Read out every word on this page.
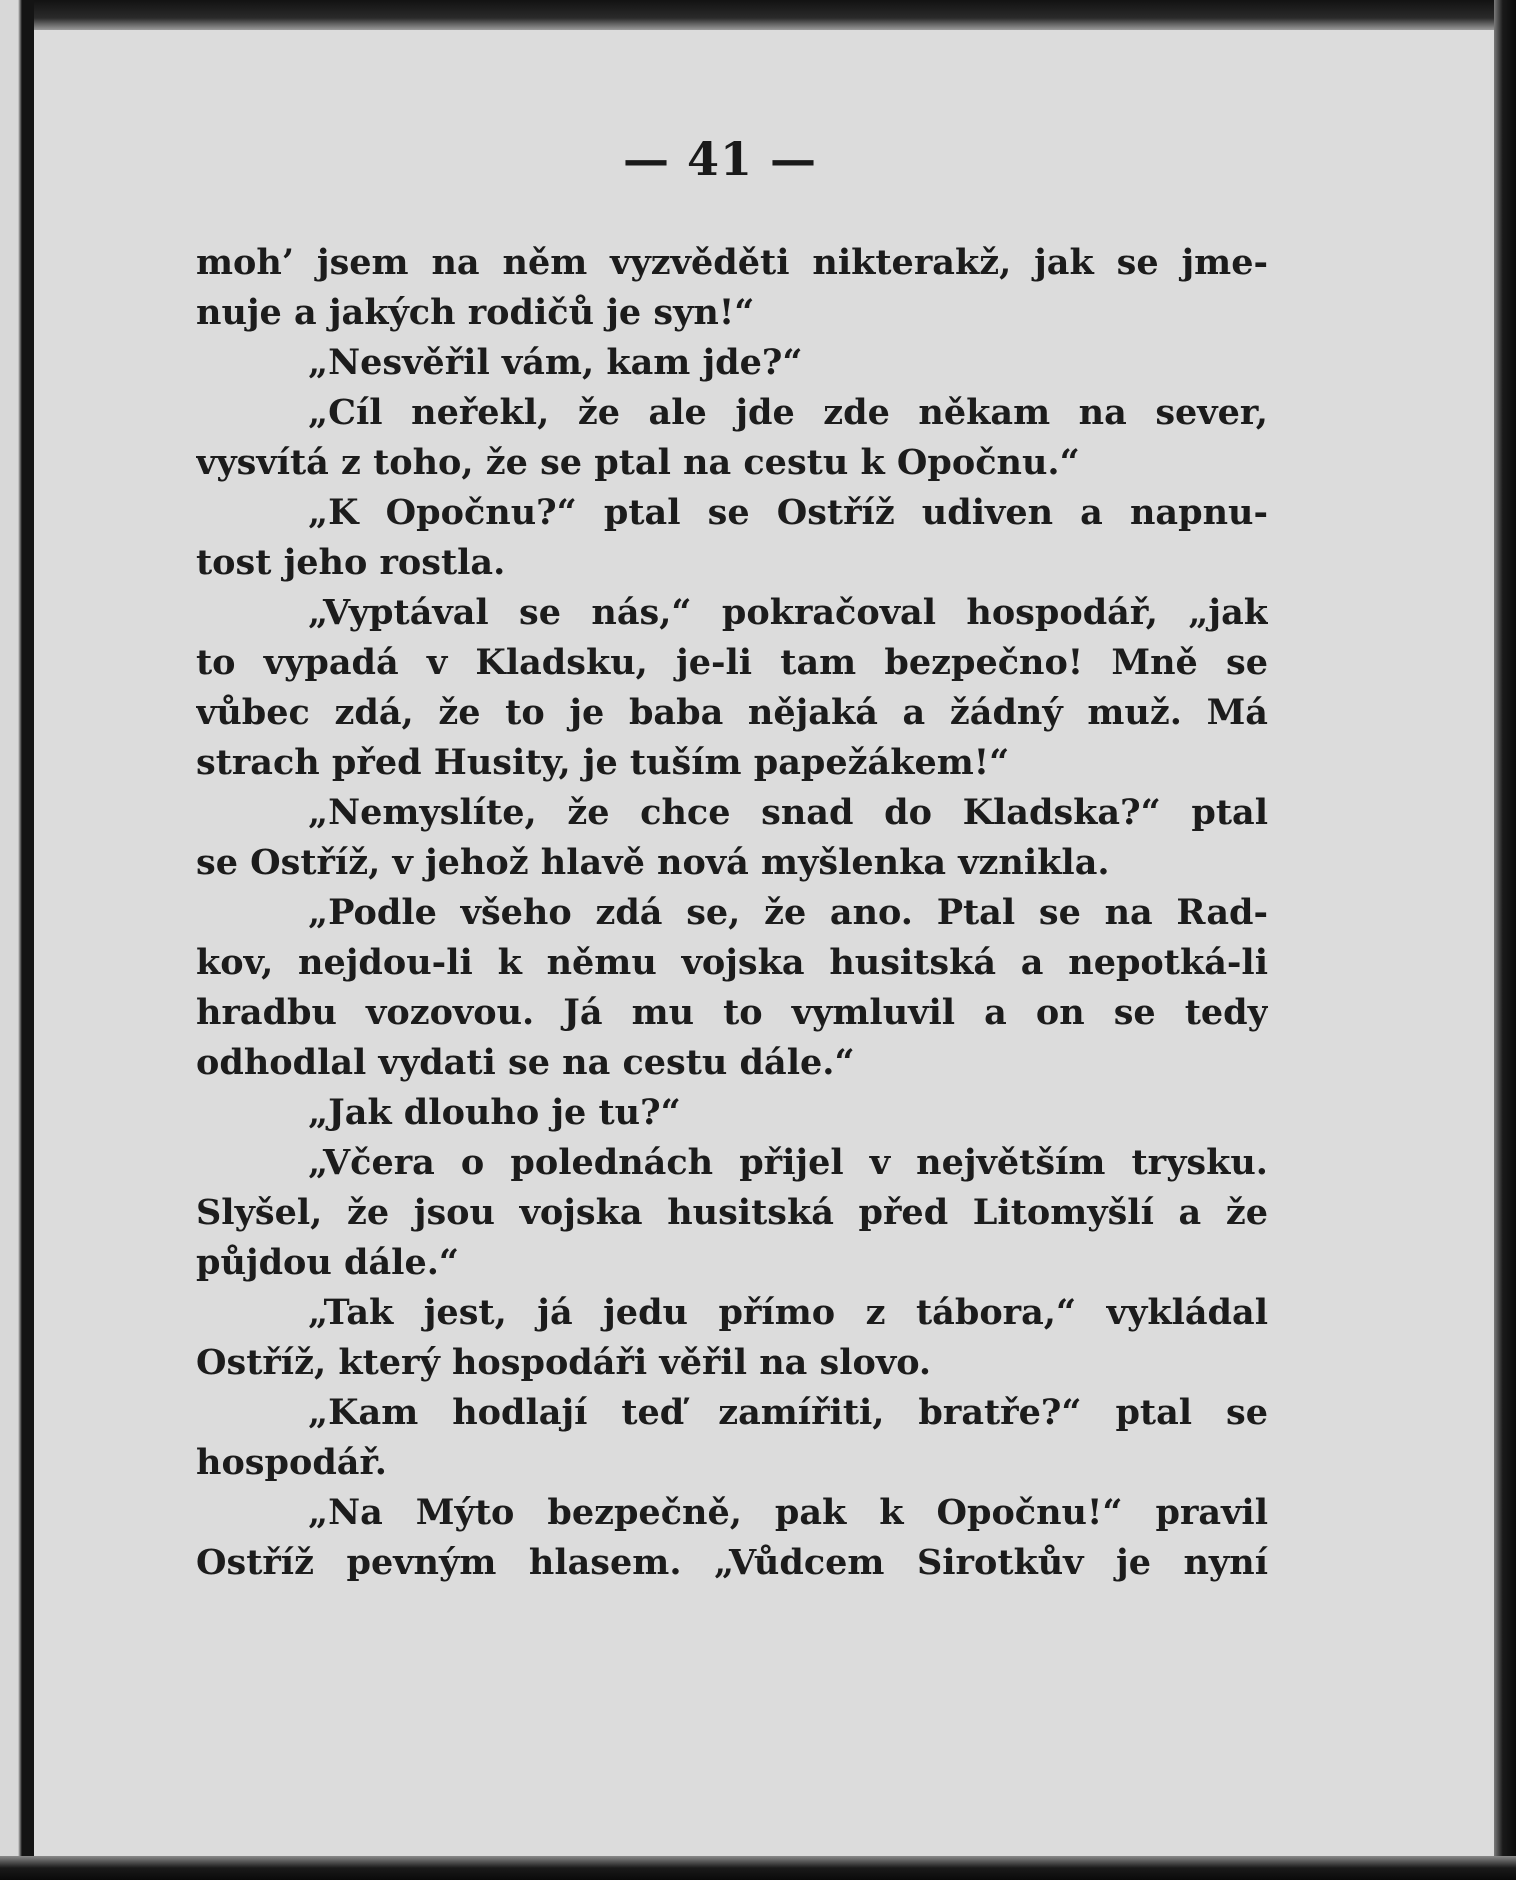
— 41 —
moh’ jsem na něm vyzvěděti nikterakž, jak se jme-
nuje a jakých rodičů je syn!“
„Nesvěřil vám, kam jde?“
„Cíl neřekl, že ale jde zde někam na sever,
vysvítá z toho, že se ptal na cestu k Opočnu.“
„K Opočnu?“ ptal se Ostříž udiven a napnu-
tost jeho rostla.
„Vyptával se nás,“ pokračoval hospodář, „jak
to vypadá v Kladsku, je-li tam bezpečno! Mně se
vůbec zdá, že to je baba nějaká a žádný muž. Má
strach před Husity, je tuším papežákem!“
„Nemyslíte, že chce snad do Kladska?“ ptal
se Ostříž, v jehož hlavě nová myšlenka vznikla.
„Podle všeho zdá se, že ano. Ptal se na Rad-
kov, nejdou-li k němu vojska husitská a nepotká-li
hradbu vozovou. Já mu to vymluvil a on se tedy
odhodlal vydati se na cestu dále.“
„Jak dlouho je tu?“
„Včera o polednách přijel v největším trysku.
Slyšel, že jsou vojska husitská před Litomyšlí a že
půjdou dále.“
„Tak jest, já jedu přímo z tábora,“ vykládal
Ostříž, který hospodáři věřil na slovo.
„Kam hodlají teď zamířiti, bratře?“ ptal se
hospodář.
„Na Mýto bezpečně, pak k Opočnu!“ pravil
Ostříž pevným hlasem. „Vůdcem Sirotkův je nyní
